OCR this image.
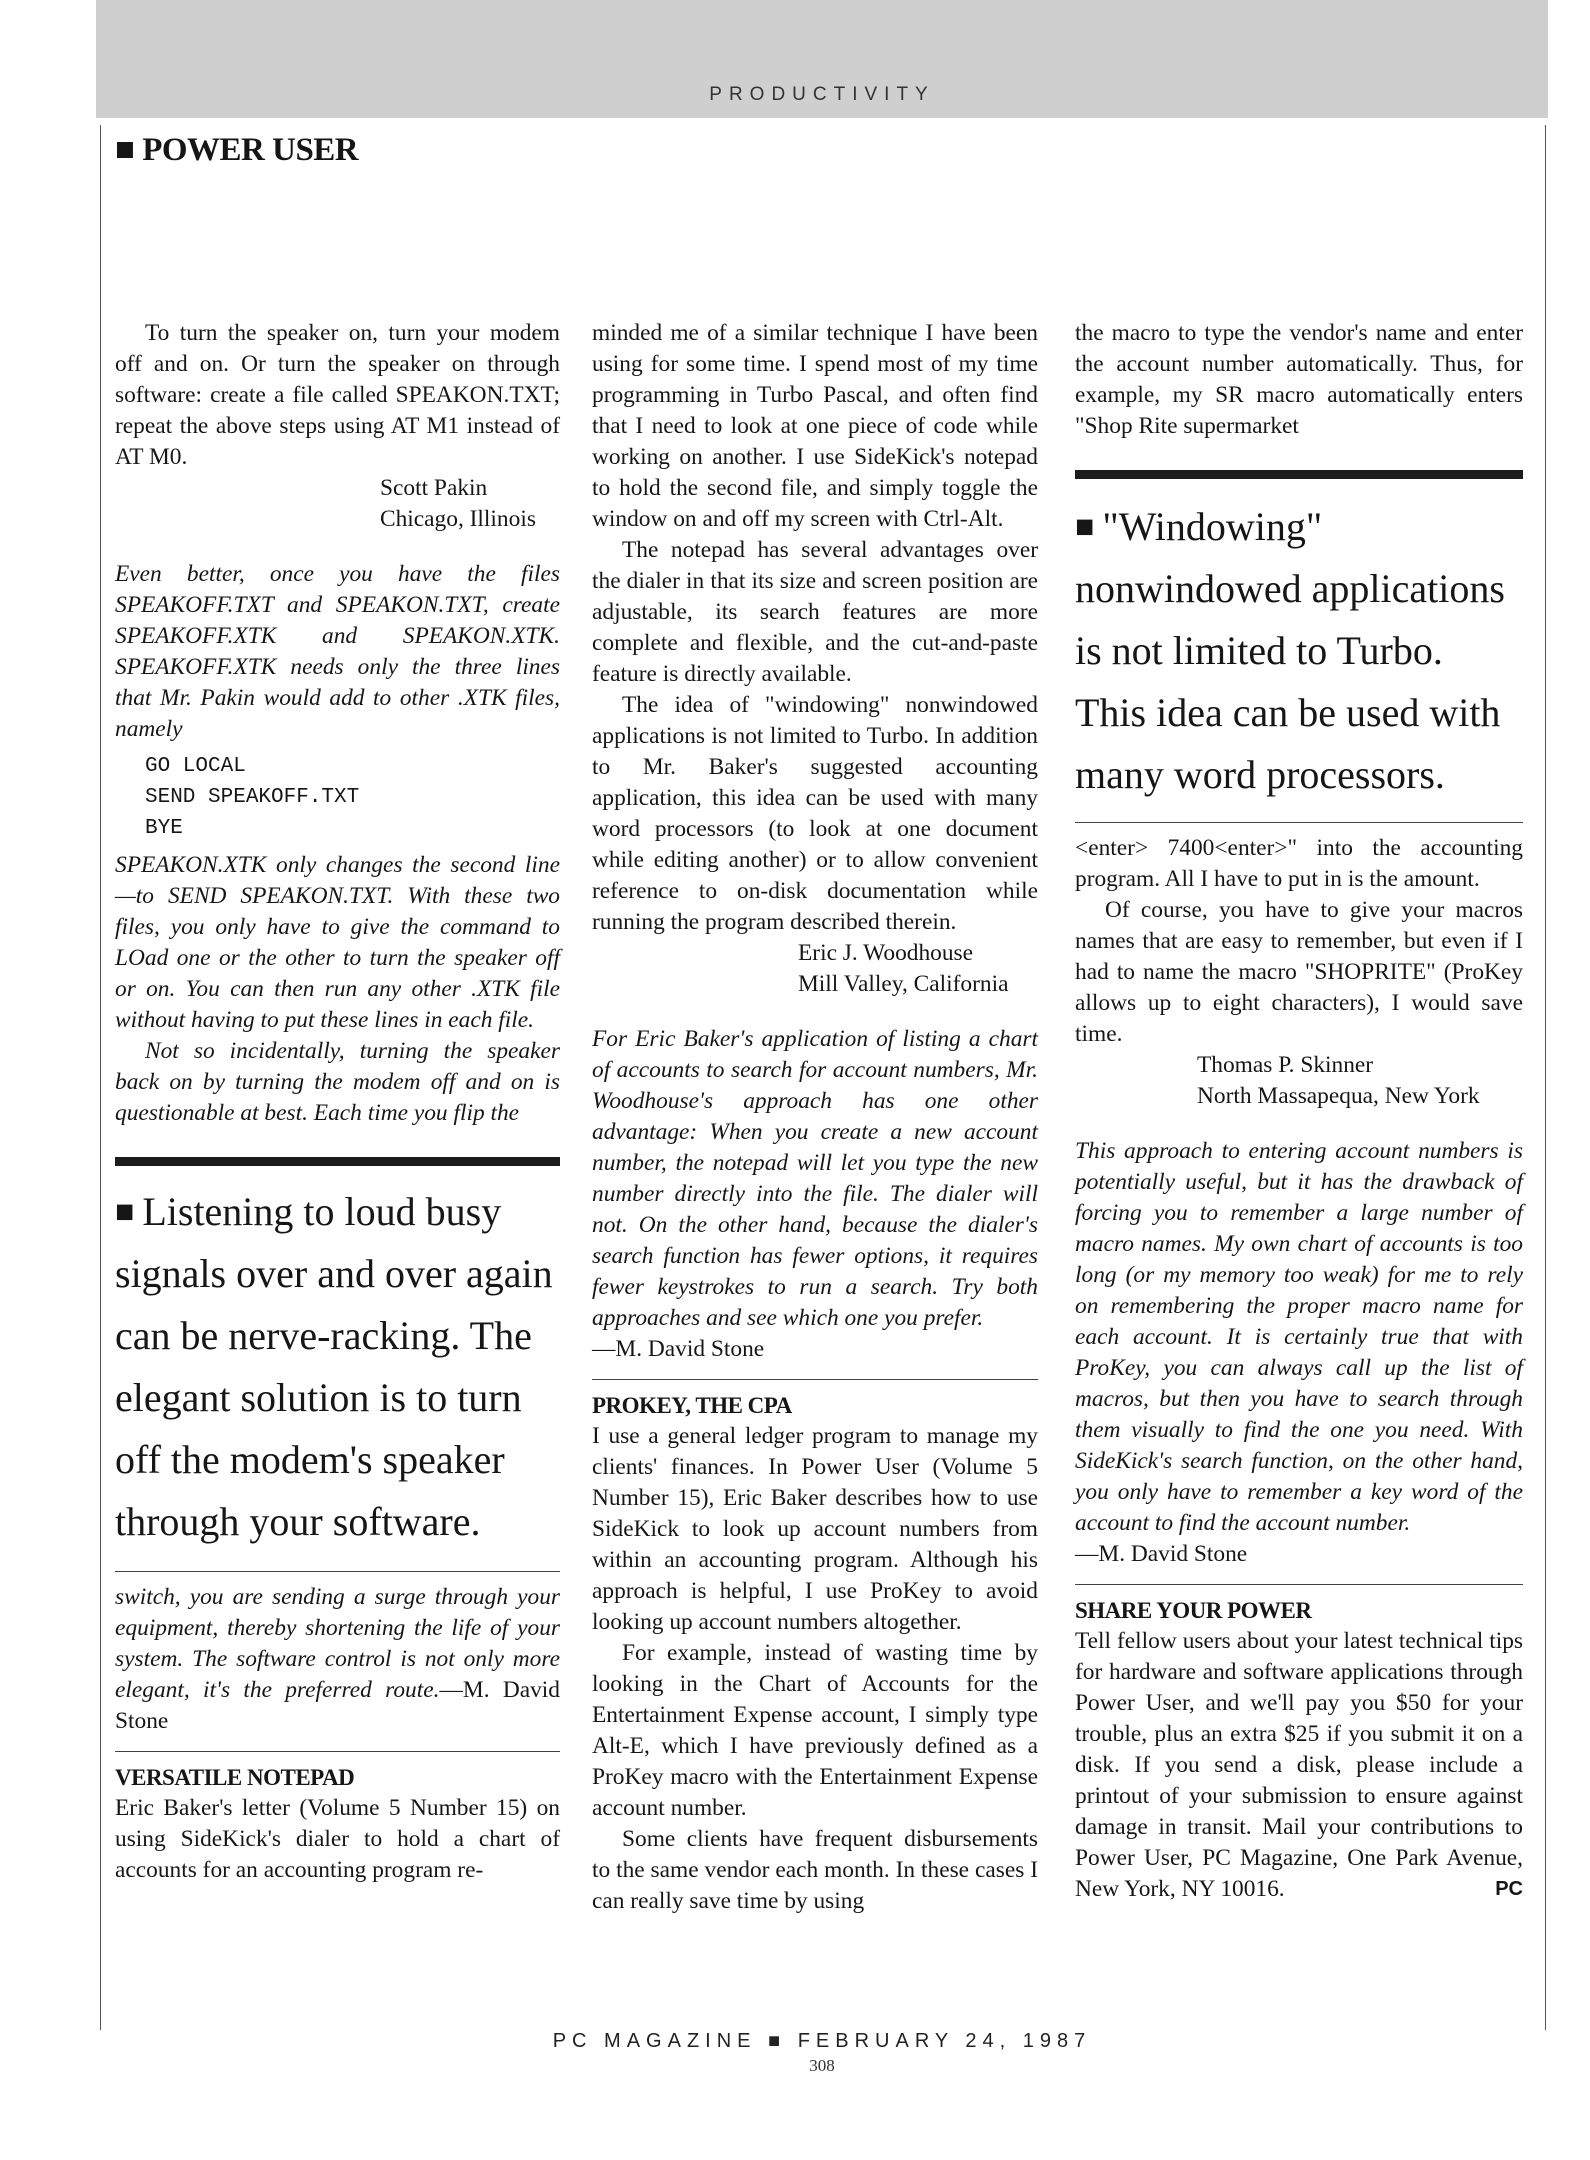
PRODUCTIVITY
■ POWER USER

To turn the speaker on, turn your modem off and on. Or turn the speaker on through software: create a file called SPEAKON.TXT; repeat the above steps using AT M1 instead of AT M0.

Scott Pakin

Chicago, Illinois

Even better, once you have the files SPEAKOFF.TXT and SPEAKON.TXT, create SPEAKOFF.XTK and SPEAKON.XTK. SPEAKOFF.XTK needs only the three lines that Mr. Pakin would add to other .XTK files, namely

GO LOCAL
SEND SPEAKOFF.TXT
BYE

SPEAKON.XTK only changes the second line—to SEND SPEAKON.TXT. With these two files, you only have to give the command to LOad one or the other to turn the speaker off or on. You can then run any other .XTK file without having to put these lines in each file.

Not so incidentally, turning the speaker back on by turning the modem off and on is questionable at best. Each time you flip the

■ Listening to loud busy signals over and over again can be nerve-racking. The elegant solution is to turn off the modem's speaker through your software.

switch, you are sending a surge through your equipment, thereby shortening the life of your system. The software control is not only more elegant, it's the preferred route.—M. David Stone

VERSATILE NOTEPAD

Eric Baker's letter (Volume 5 Number 15) on using SideKick's dialer to hold a chart of accounts for an accounting program re-

minded me of a similar technique I have been using for some time. I spend most of my time programming in Turbo Pascal, and often find that I need to look at one piece of code while working on another. I use SideKick's notepad to hold the second file, and simply toggle the window on and off my screen with Ctrl-Alt.

The notepad has several advantages over the dialer in that its size and screen position are adjustable, its search features are more complete and flexible, and the cut-and-paste feature is directly available.

The idea of "windowing" nonwindowed applications is not limited to Turbo. In addition to Mr. Baker's suggested accounting application, this idea can be used with many word processors (to look at one document while editing another) or to allow convenient reference to on-disk documentation while running the program described therein.

Eric J. Woodhouse

Mill Valley, California

For Eric Baker's application of listing a chart of accounts to search for account numbers, Mr. Woodhouse's approach has one other advantage: When you create a new account number, the notepad will let you type the new number directly into the file. The dialer will not. On the other hand, because the dialer's search function has fewer options, it requires fewer keystrokes to run a search. Try both approaches and see which one you prefer.

—M. David Stone

PROKEY, THE CPA

I use a general ledger program to manage my clients' finances. In Power User (Volume 5 Number 15), Eric Baker describes how to use SideKick to look up account numbers from within an accounting program. Although his approach is helpful, I use ProKey to avoid looking up account numbers altogether.

For example, instead of wasting time by looking in the Chart of Accounts for the Entertainment Expense account, I simply type Alt-E, which I have previously defined as a ProKey macro with the Entertainment Expense account number.

Some clients have frequent disbursements to the same vendor each month. In these cases I can really save time by using

the macro to type the vendor's name and enter the account number automatically. Thus, for example, my SR macro automatically enters "Shop Rite supermarket

■ "Windowing" nonwindowed applications is not limited to Turbo. This idea can be used with many word processors.

<enter> 7400<enter>" into the accounting program. All I have to put in is the amount.

Of course, you have to give your macros names that are easy to remember, but even if I had to name the macro "SHOPRITE" (ProKey allows up to eight characters), I would save time.

Thomas P. Skinner

North Massapequa, New York

This approach to entering account numbers is potentially useful, but it has the drawback of forcing you to remember a large number of macro names. My own chart of accounts is too long (or my memory too weak) for me to rely on remembering the proper macro name for each account. It is certainly true that with ProKey, you can always call up the list of macros, but then you have to search through them visually to find the one you need. With SideKick's search function, on the other hand, you only have to remember a key word of the account to find the account number.

—M. David Stone

SHARE YOUR POWER

Tell fellow users about your latest technical tips for hardware and software applications through Power User, and we'll pay you $50 for your trouble, plus an extra $25 if you submit it on a disk. If you send a disk, please include a printout of your submission to ensure against damage in transit. Mail your contributions to Power User, PC Magazine, One Park Avenue, New York, NY 10016.	PC

PC MAGAZINE ■ FEBRUARY 24, 1987
308
